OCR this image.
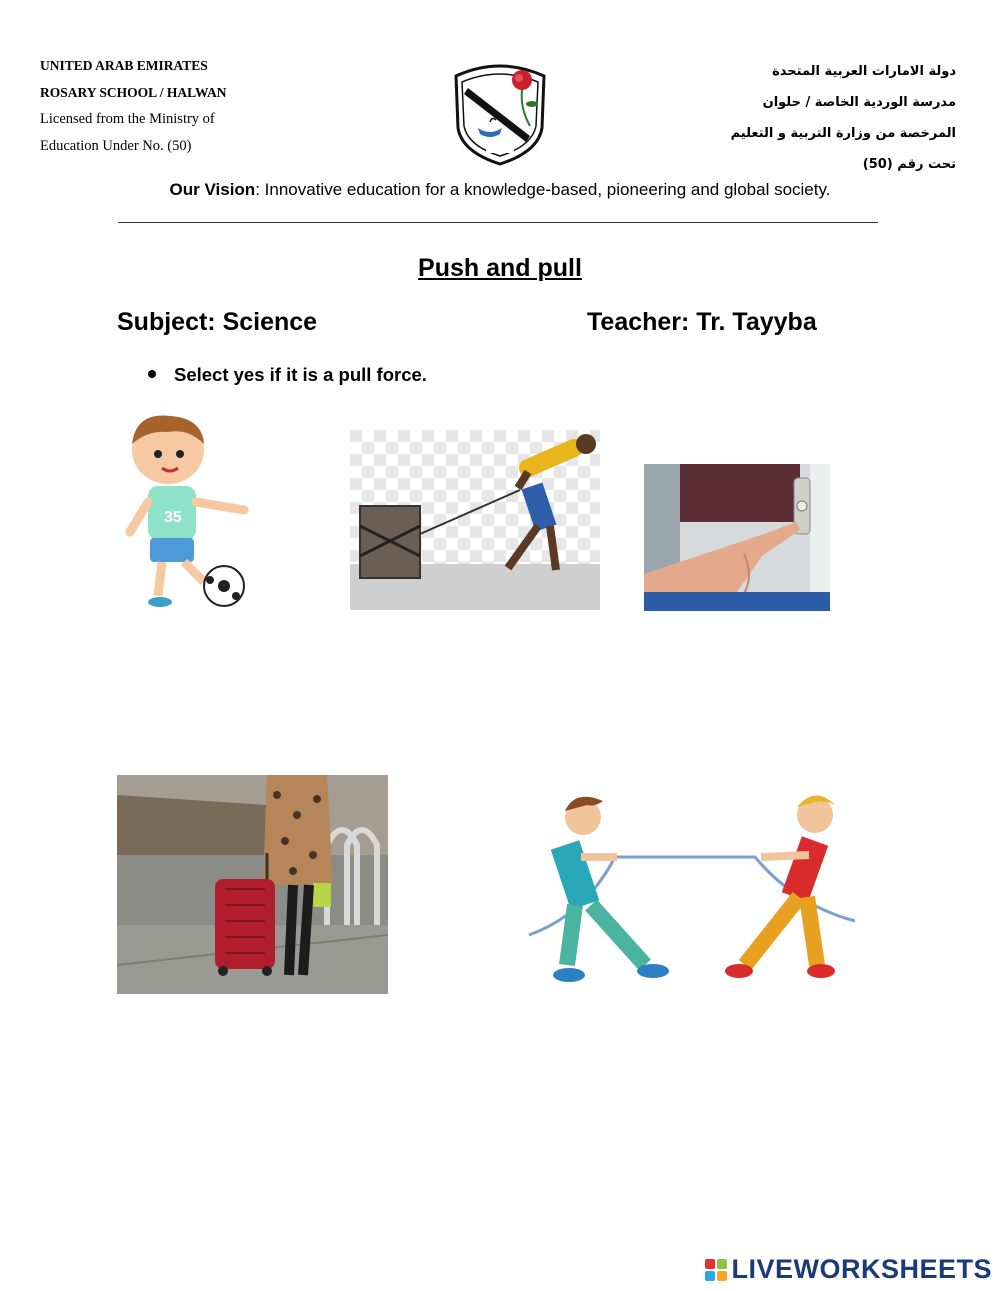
UNITED ARAB EMIRATES
ROSARY SCHOOL / HALWAN
Licensed from the Ministry of
Education Under No. (50)
دولة الامارات العربية المتحدة
مدرسة الوردية الخاصة / حلوان
المرخصة من وزارة التربية و التعليم
تحت رقم (50)
Our Vision: Innovative education for a knowledge-based, pioneering and global society.
Push and pull
Subject: Science	Teacher: Tr. Tayyba
Select yes if it is a pull force.
35
LIVEWORKSHEETS
